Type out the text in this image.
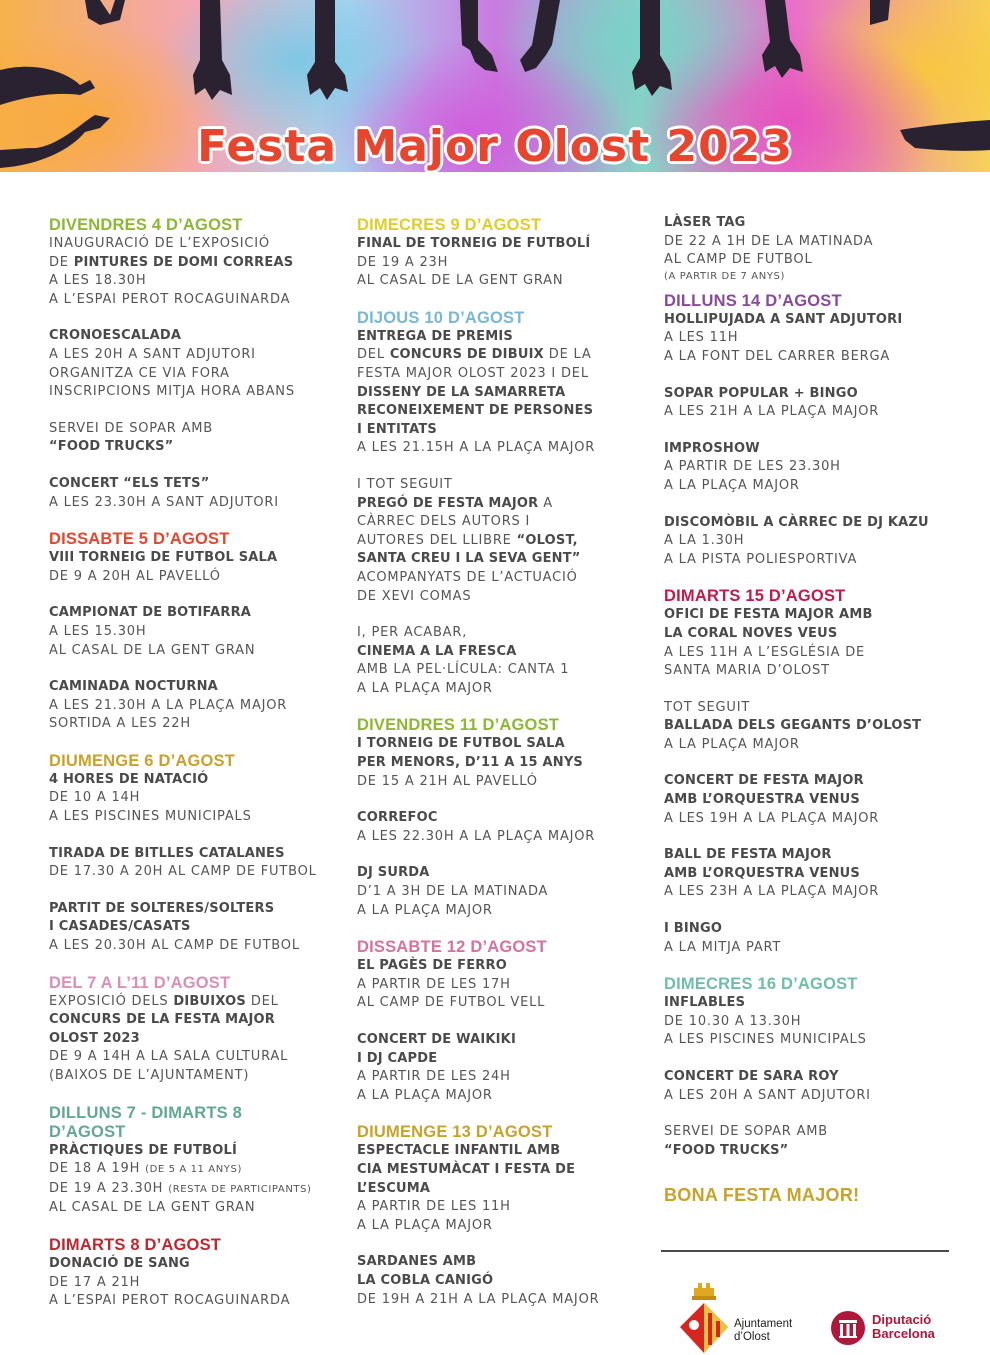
Festa Major Olost 2023
DIVENDRES 4 D’AGOST
INAUGURACIÓ DE L’EXPOSICIÓ
DE PINTURES DE DOMI CORREAS
A LES 18.30H
A L’ESPAI PEROT ROCAGUINARDA
CRONOESCALADA
A LES 20H A SANT ADJUTORI
ORGANITZA CE VIA FORA
INSCRIPCIONS MITJA HORA ABANS
SERVEI DE SOPAR AMB
“FOOD TRUCKS”
CONCERT “ELS TETS”
A LES 23.30H A SANT ADJUTORI
DISSABTE 5 D’AGOST
VIII TORNEIG DE FUTBOL SALA
DE 9 A 20H AL PAVELLÓ
CAMPIONAT DE BOTIFARRA
A LES 15.30H
AL CASAL DE LA GENT GRAN
CAMINADA NOCTURNA
A LES 21.30H A LA PLAÇA MAJOR
SORTIDA A LES 22H
DIUMENGE 6 D’AGOST
4 HORES DE NATACIÓ
DE 10 A 14H
A LES PISCINES MUNICIPALS
TIRADA DE BITLLES CATALANES
DE 17.30 A 20H AL CAMP DE FUTBOL
PARTIT DE SOLTERES/SOLTERS
I CASADES/CASATS
A LES 20.30H AL CAMP DE FUTBOL
DEL 7 A L’11 D’AGOST
EXPOSICIÓ DELS DIBUIXOS DEL
CONCURS DE LA FESTA MAJOR
OLOST 2023
DE 9 A 14H A LA SALA CULTURAL
(BAIXOS DE L’AJUNTAMENT)
DILLUNS 7 - DIMARTS 8
D’AGOST
PRÀCTIQUES DE FUTBOLÍ
DE 18 A 19H (DE 5 A 11 ANYS)
DE 19 A 23.30H (RESTA DE PARTICIPANTS)
AL CASAL DE LA GENT GRAN
DIMARTS 8 D’AGOST
DONACIÓ DE SANG
DE 17 A 21H
A L’ESPAI PEROT ROCAGUINARDA
DIMECRES 9 D’AGOST
FINAL DE TORNEIG DE FUTBOLÍ
DE 19 A 23H
AL CASAL DE LA GENT GRAN
DIJOUS 10 D’AGOST
ENTREGA DE PREMIS
DEL CONCURS DE DIBUIX DE LA
FESTA MAJOR OLOST 2023 I DEL
DISSENY DE LA SAMARRETA
RECONEIXEMENT DE PERSONES
I ENTITATS
A LES 21.15H A LA PLAÇA MAJOR
I TOT SEGUIT
PREGÓ DE FESTA MAJOR A
CÀRREC DELS AUTORS I
AUTORES DEL LLIBRE “OLOST,
SANTA CREU I LA SEVA GENT”
ACOMPANYATS DE L’ACTUACIÓ
DE XEVI COMAS
I, PER ACABAR,
CINEMA A LA FRESCA
AMB LA PEL·LÍCULA: CANTA 1
A LA PLAÇA MAJOR
DIVENDRES 11 D’AGOST
I TORNEIG DE FUTBOL SALA
PER MENORS, D’11 A 15 ANYS
DE 15 A 21H AL PAVELLÓ
CORREFOC
A LES 22.30H A LA PLAÇA MAJOR
DJ SURDA
D’1 A 3H DE LA MATINADA
A LA PLAÇA MAJOR
DISSABTE 12 D’AGOST
EL PAGÈS DE FERRO
A PARTIR DE LES 17H
AL CAMP DE FUTBOL VELL
CONCERT DE WAIKIKI
I DJ CAPDE
A PARTIR DE LES 24H
A LA PLAÇA MAJOR
DIUMENGE 13 D’AGOST
ESPECTACLE INFANTIL AMB
CIA MESTUMÀCAT I FESTA DE
L’ESCUMA
A PARTIR DE LES 11H
A LA PLAÇA MAJOR
SARDANES AMB
LA COBLA CANIGÓ
DE 19H A 21H A LA PLAÇA MAJOR
LÀSER TAG
DE 22 A 1H DE LA MATINADA
AL CAMP DE FUTBOL
(A PARTIR DE 7 ANYS)
DILLUNS 14 D’AGOST
HOLLIPUJADA A SANT ADJUTORI
A LES 11H
A LA FONT DEL CARRER BERGA
SOPAR POPULAR + BINGO
A LES 21H A LA PLAÇA MAJOR
IMPROSHOW
A PARTIR DE LES 23.30H
A LA PLAÇA MAJOR
DISCOMÒBIL A CÀRREC DE DJ KAZU
A LA 1.30H
A LA PISTA POLIESPORTIVA
DIMARTS 15 D’AGOST
OFICI DE FESTA MAJOR AMB
LA CORAL NOVES VEUS
A LES 11H A L’ESGLÉSIA DE
SANTA MARIA D’OLOST
TOT SEGUIT
BALLADA DELS GEGANTS D’OLOST
A LA PLAÇA MAJOR
CONCERT DE FESTA MAJOR
AMB L’ORQUESTRA VENUS
A LES 19H A LA PLAÇA MAJOR
BALL DE FESTA MAJOR
AMB L’ORQUESTRA VENUS
A LES 23H A LA PLAÇA MAJOR
I BINGO
A LA MITJA PART
DIMECRES 16 D’AGOST
INFLABLES
DE 10.30 A 13.30H
A LES PISCINES MUNICIPALS
CONCERT DE SARA ROY
A LES 20H A SANT ADJUTORI
SERVEI DE SOPAR AMB
“FOOD TRUCKS”
BONA FESTA MAJOR!
Ajuntament
d’Olost
Diputació
Barcelona
